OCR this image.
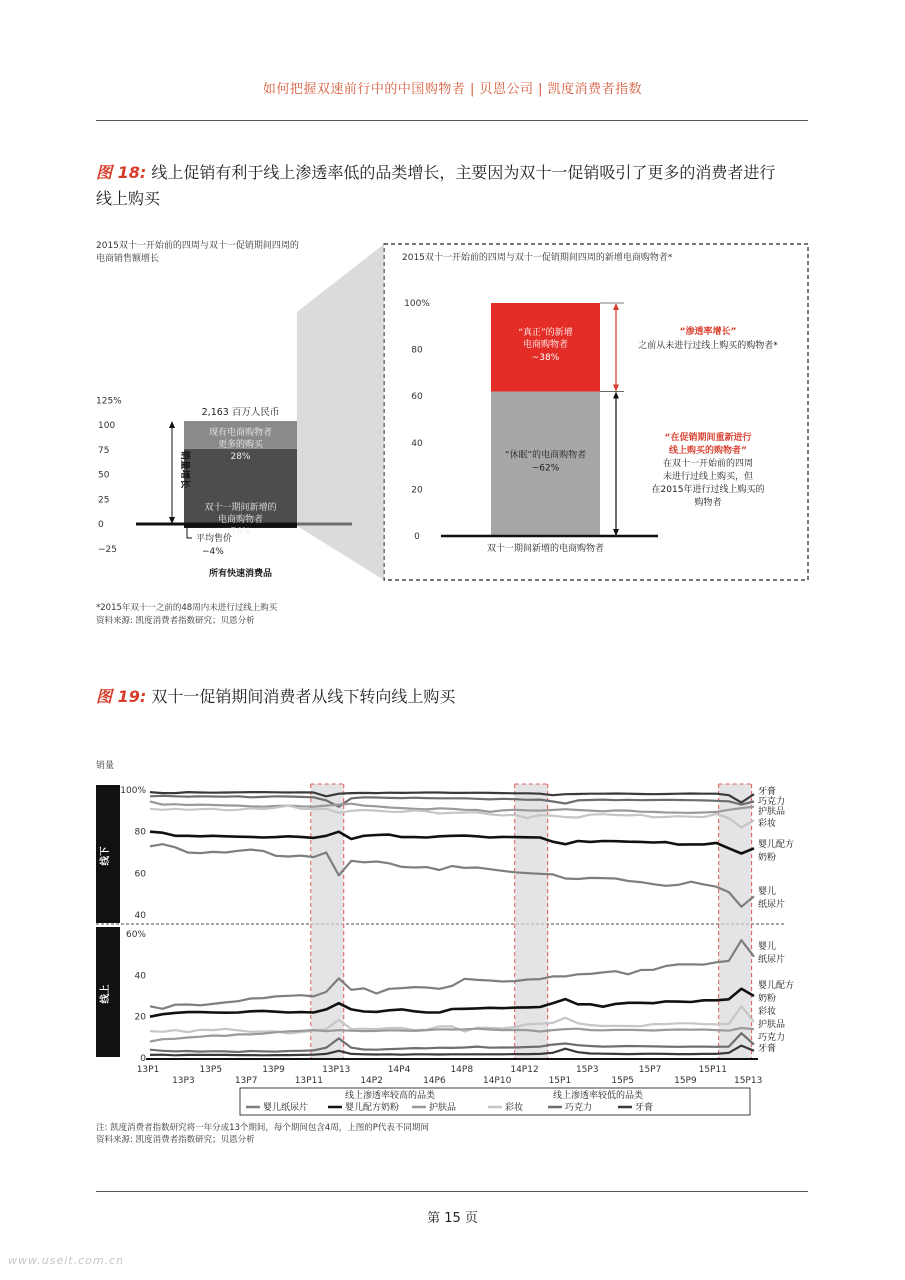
如何把握双速前行中的中国购物者 | 贝恩公司 | 凯度消费者指数
图 18: 线上促销有利于线上渗透率低的品类增长，主要因为双十一促销吸引了更多的消费者进行
线上购买
2015双十一开始前的四周与双十一促销期间四周的
电商销售额增长
125%
100
75
50
25
0
−25
2,163 百万人民币
现有电商购物者
更多的购买
28%
双十一期间新增的
电商购物者
76%
销量增长
平均售价
−4%
所有快速消费品
2015双十一开始前的四周与双十一促销期间四周的新增电商购物者*
100%
80
60
40
20
0
“真正”的新增
电商购物者
~38%
“休眠”的电商购物者
~62%
双十一期间新增的电商购物者
“渗透率增长”
之前从未进行过线上购买的购物者*
“在促销期间重新进行
线上购买的购物者”
在双十一开始前的四周
未进行过线上购买，但
在2015年进行过线上购买的
购物者
*2015年双十一之前的48周内未进行过线上购买
资料来源: 凯度消费者指数研究；贝恩分析
图 19: 双十一促销期间消费者从线下转向线上购买
销量
线下
线上
100%
80
60
40
60%
40
20
0
牙膏
巧克力
护肤品
彩妆
婴儿配方
奶粉
婴儿
纸尿片
婴儿
纸尿片
婴儿配方
奶粉
彩妆
护肤品
巧克力
牙膏
13P1	13P5	13P9	13P13	14P4	14P8	14P12	15P3	15P7	15P11
13P3	13P7	13P11	14P2	14P6	14P10	15P1	15P5	15P9	15P13
线上渗透率较高的品类	线上渗透率较低的品类
婴儿纸尿片	婴儿配方奶粉	护肤品	彩妆	巧克力	牙膏
注: 凯度消费者指数研究将一年分成13个期间，每个期间包含4周，上图的P代表不同期间
资料来源: 凯度消费者指数研究；贝恩分析
第 15 页
www.useit.com.cn
